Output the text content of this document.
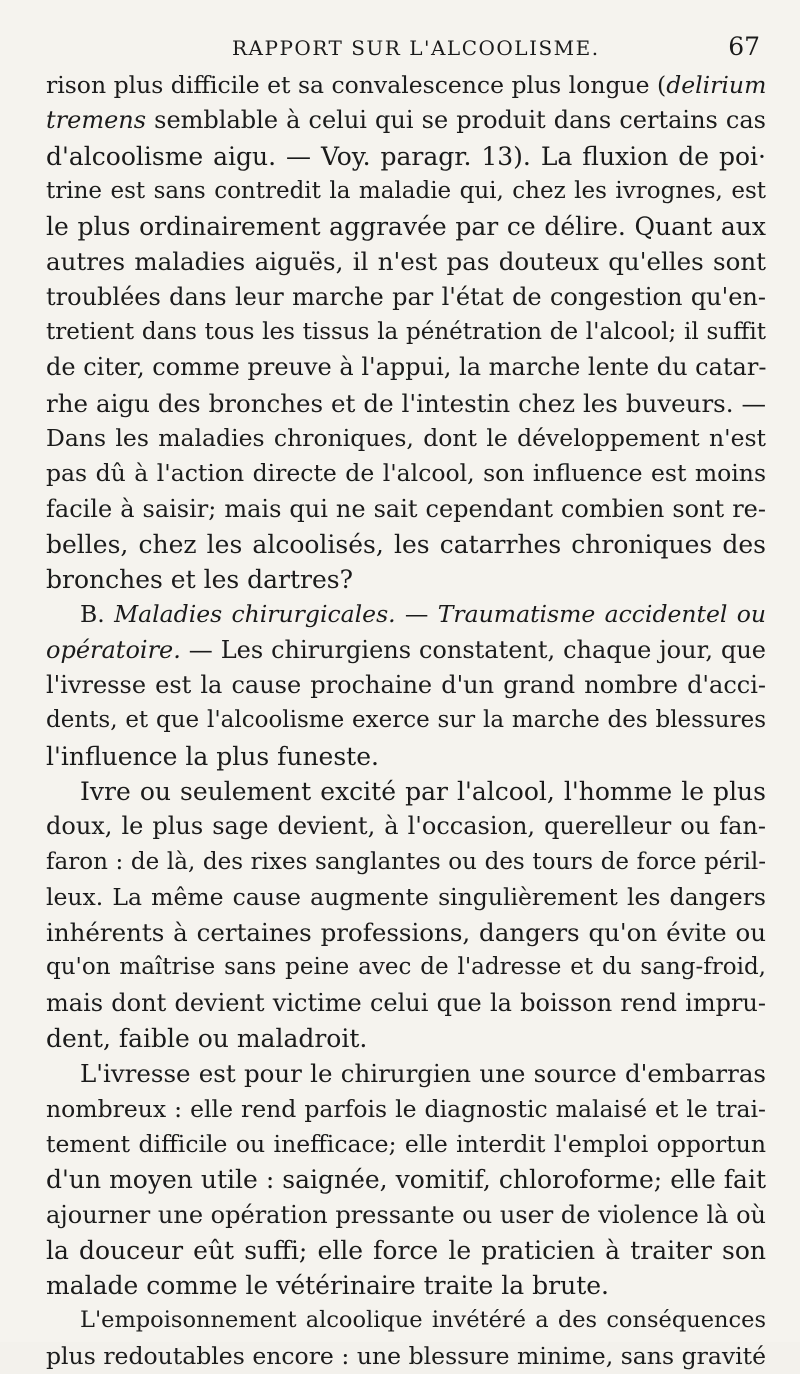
RAPPORT SUR L'ALCOOLISME.	67
rison plus difficile et sa convalescence plus longue (delirium
tremens semblable à celui qui se produit dans certains cas
d'alcoolisme aigu. — Voy. paragr. 13). La fluxion de poi·
trine est sans contredit la maladie qui, chez les ivrognes, est
le plus ordinairement aggravée par ce délire. Quant aux
autres maladies aiguës, il n'est pas douteux qu'elles sont
troublées dans leur marche par l'état de congestion qu'en-
tretient dans tous les tissus la pénétration de l'alcool; il suffit
de citer, comme preuve à l'appui, la marche lente du catar-
rhe aigu des bronches et de l'intestin chez les buveurs. —
Dans les maladies chroniques, dont le développement n'est
pas dû à l'action directe de l'alcool, son influence est moins
facile à saisir; mais qui ne sait cependant combien sont re-
belles, chez les alcoolisés, les catarrhes chroniques des
bronches et les dartres?
B. Maladies chirurgicales. — Traumatisme accidentel ou
opératoire. — Les chirurgiens constatent, chaque jour, que
l'ivresse est la cause prochaine d'un grand nombre d'acci-
dents, et que l'alcoolisme exerce sur la marche des blessures
l'influence la plus funeste.
Ivre ou seulement excité par l'alcool, l'homme le plus
doux, le plus sage devient, à l'occasion, querelleur ou fan-
faron : de là, des rixes sanglantes ou des tours de force péril-
leux. La même cause augmente singulièrement les dangers
inhérents à certaines professions, dangers qu'on évite ou
qu'on maîtrise sans peine avec de l'adresse et du sang-froid,
mais dont devient victime celui que la boisson rend impru-
dent, faible ou maladroit.
L'ivresse est pour le chirurgien une source d'embarras
nombreux : elle rend parfois le diagnostic malaisé et le trai-
tement difficile ou inefficace; elle interdit l'emploi opportun
d'un moyen utile : saignée, vomitif, chloroforme; elle fait
ajourner une opération pressante ou user de violence là où
la douceur eût suffi; elle force le praticien à traiter son
malade comme le vétérinaire traite la brute.
L'empoisonnement alcoolique invétéré a des conséquences
plus redoutables encore : une blessure minime, sans gravité
